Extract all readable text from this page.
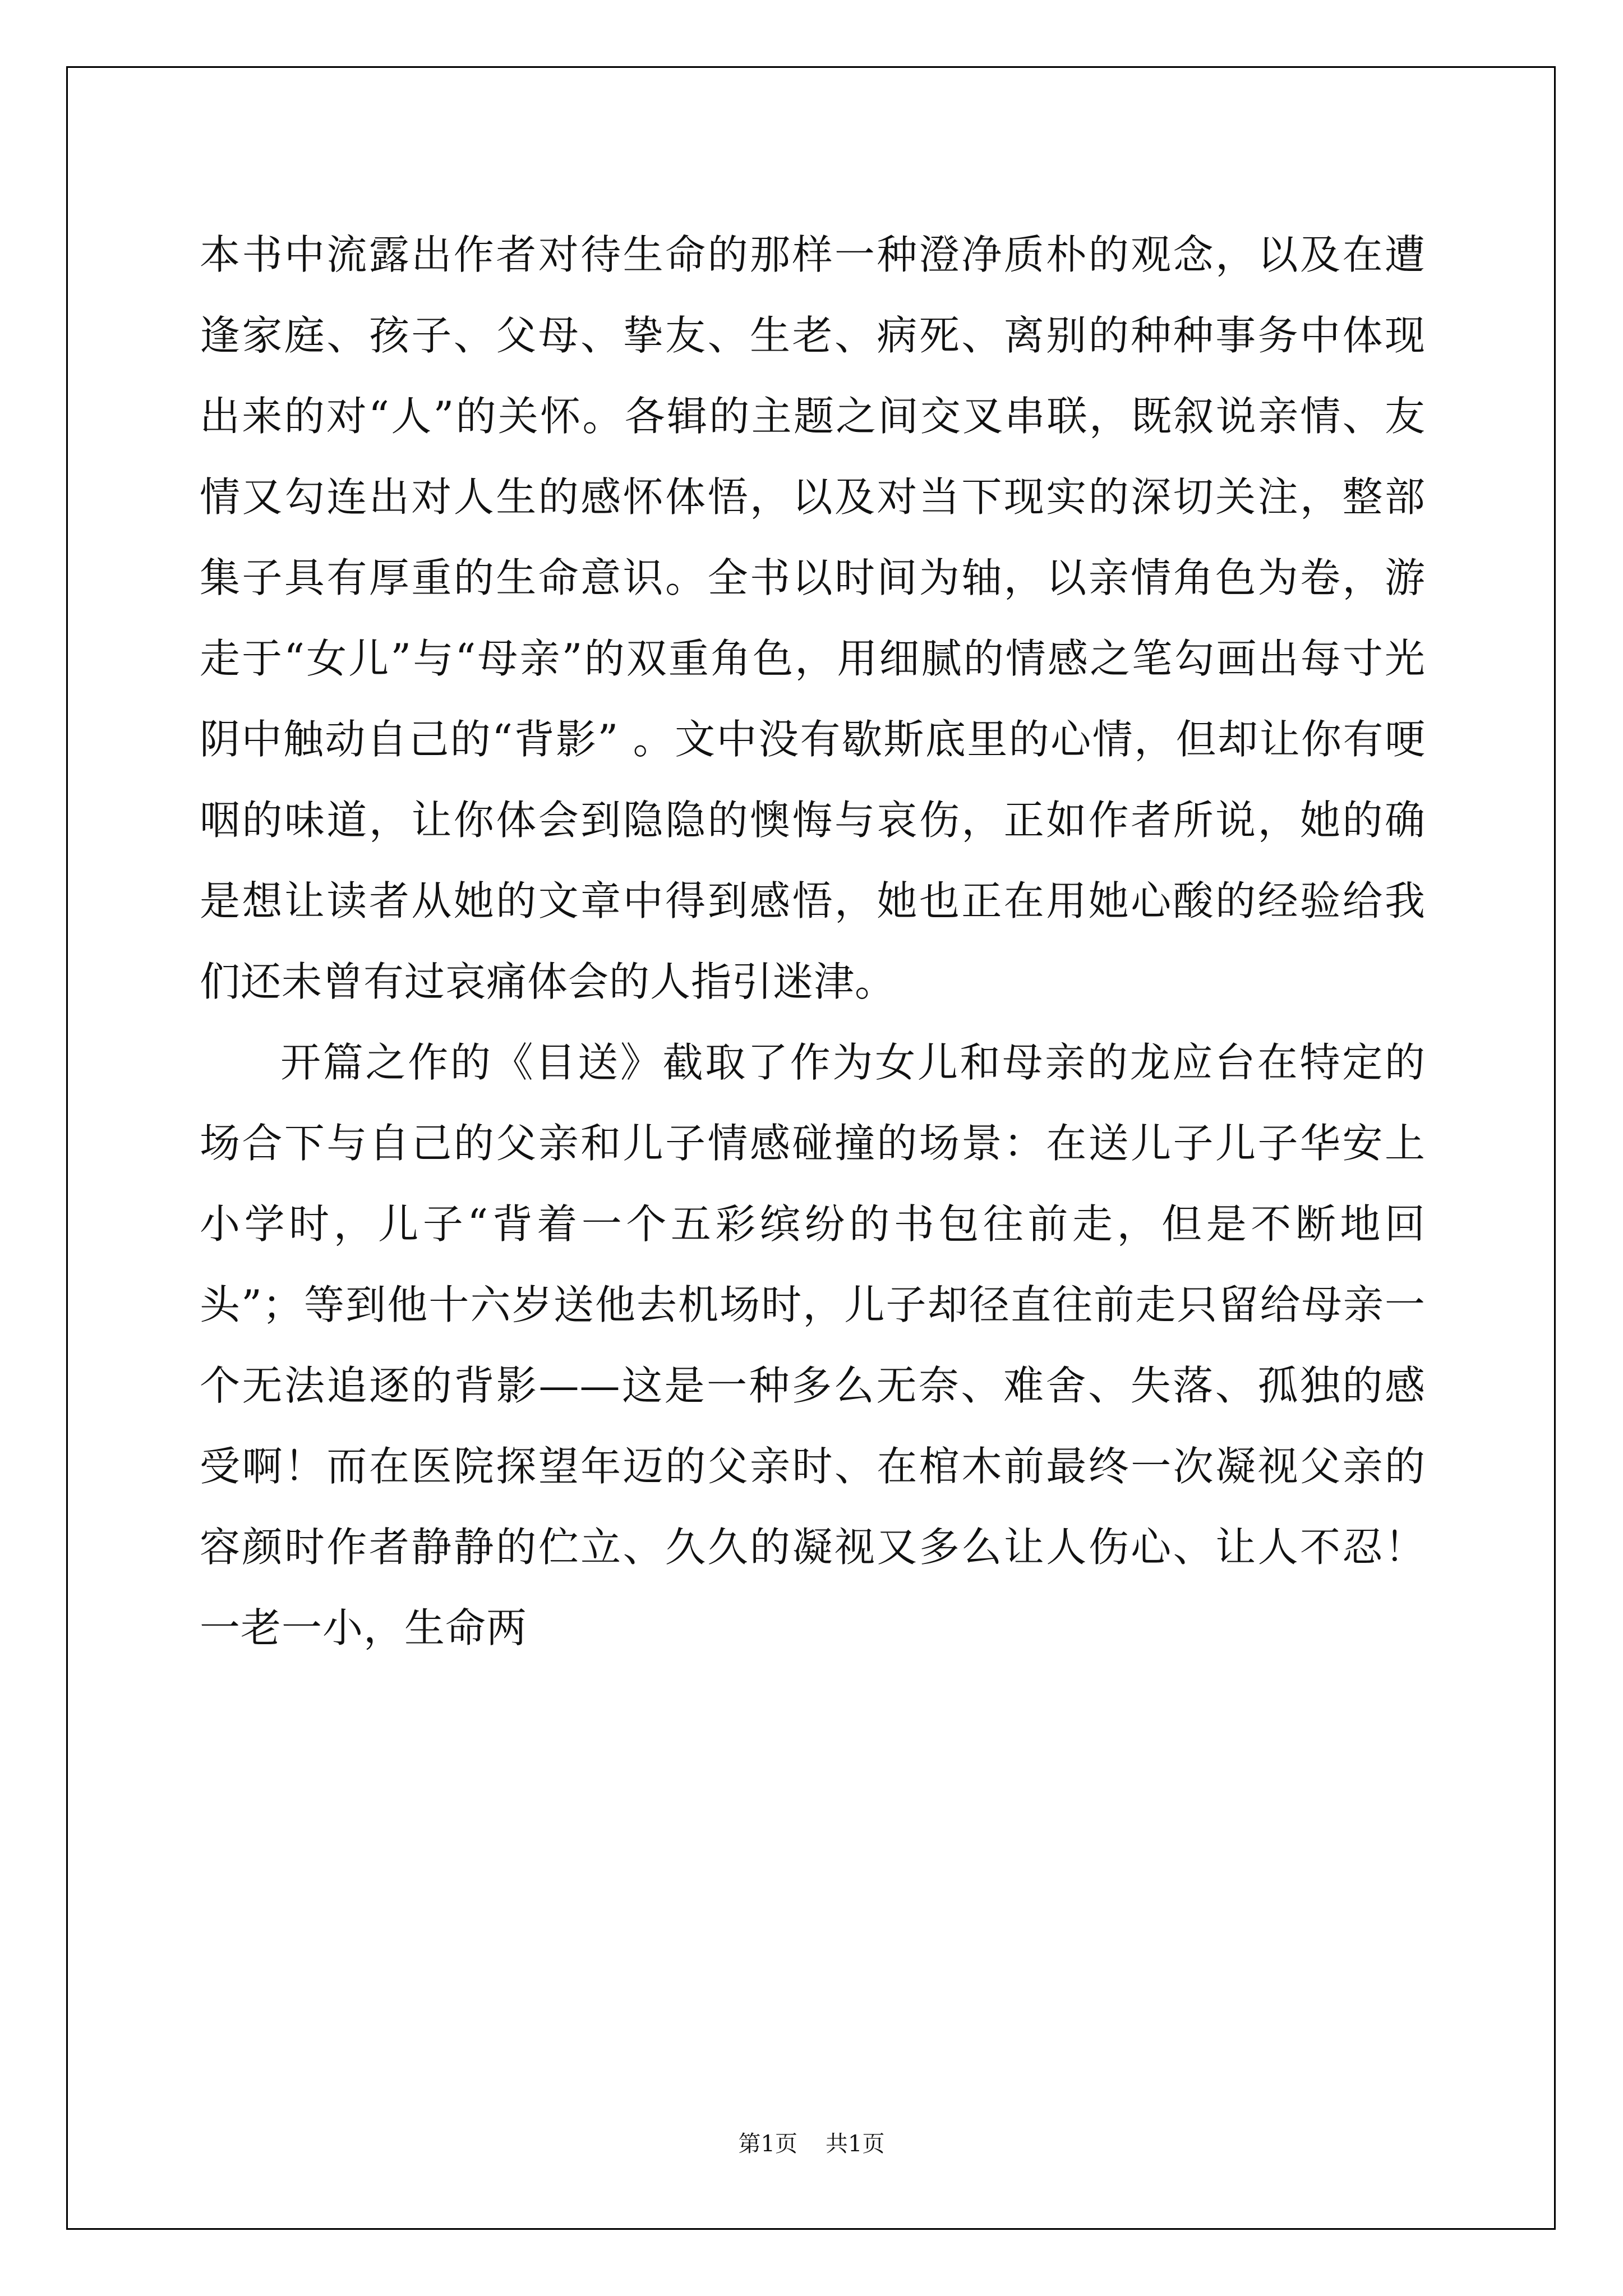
本书中流露出作者对待生命的那样一种澄净质朴的观念，以及在遭逢家庭、孩子、父母、挚友、生老、病死、离别的种种事务中体现出来的对“人”的关怀。各辑的主题之间交叉串联，既叙说亲情、友情又勾连出对人生的感怀体悟，以及对当下现实的深切关注，整部集子具有厚重的生命意识。全书以时间为轴，以亲情角色为卷，游走于“女儿”与“母亲”的双重角色，用细腻的情感之笔勾画出每寸光阴中触动自己的“背影” 。文中没有歇斯底里的心情，但却让你有哽咽的味道，让你体会到隐隐的懊悔与哀伤，正如作者所说，她的确是想让读者从她的文章中得到感悟，她也正在用她心酸的经验给我们还未曾有过哀痛体会的人指引迷津。

开篇之作的《目送》截取了作为女儿和母亲的龙应台在特定的场合下与自己的父亲和儿子情感碰撞的场景：在送儿子儿子华安上小学时，儿子“背着一个五彩缤纷的书包往前走，但是不断地回头”；等到他十六岁送他去机场时，儿子却径直往前走只留给母亲一个无法追逐的背影——这是一种多么无奈、难舍、失落、孤独的感受啊！而在医院探望年迈的父亲时、在棺木前最终一次凝视父亲的容颜时作者静静的伫立、久久的凝视又多么让人伤心、让人不忍！一老一小，生命两

第1页 共1页
